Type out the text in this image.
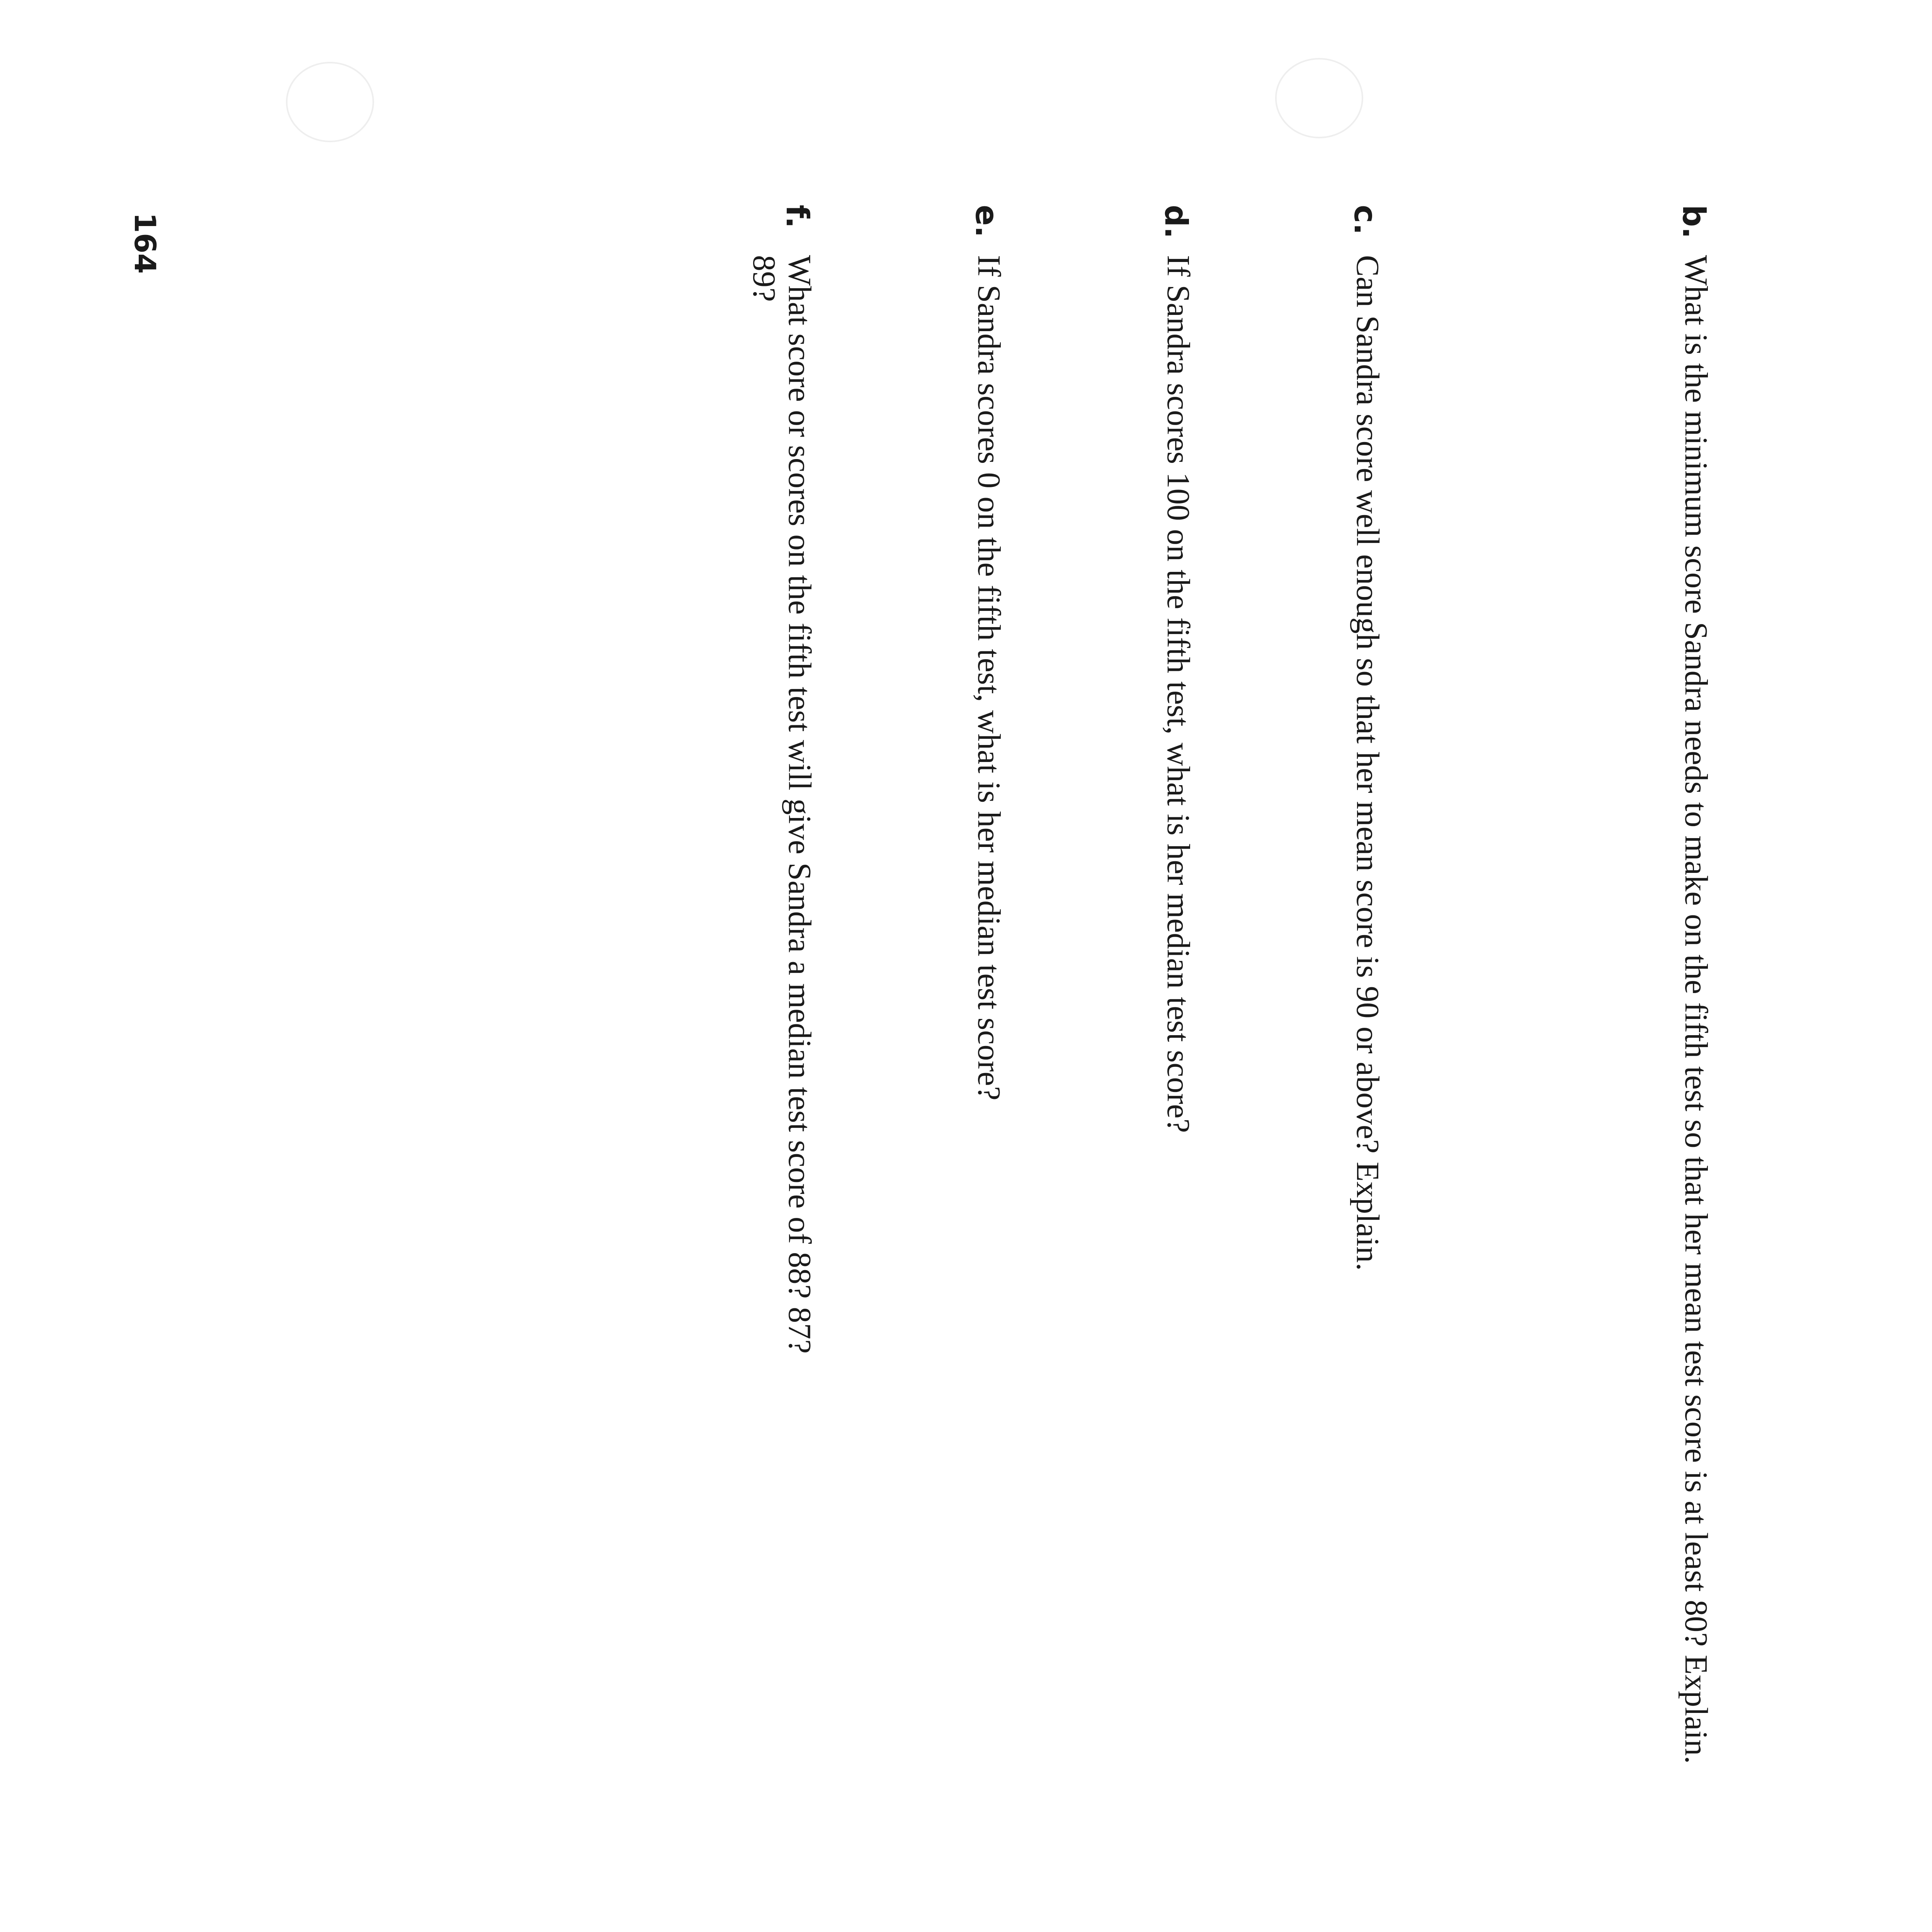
b.
What is the minimum score Sandra needs to make on the fifth test so that her mean test score is at least 80? Explain.
c.
Can Sandra score well enough so that her mean score is 90 or above? Explain.
d.
If Sandra scores 100 on the fifth test, what is her median test score?
e.
If Sandra scores 0 on the fifth test, what is her median test score?
f.
What score or scores on the fifth test will give Sandra a median test score of 88? 87? 89?
164
